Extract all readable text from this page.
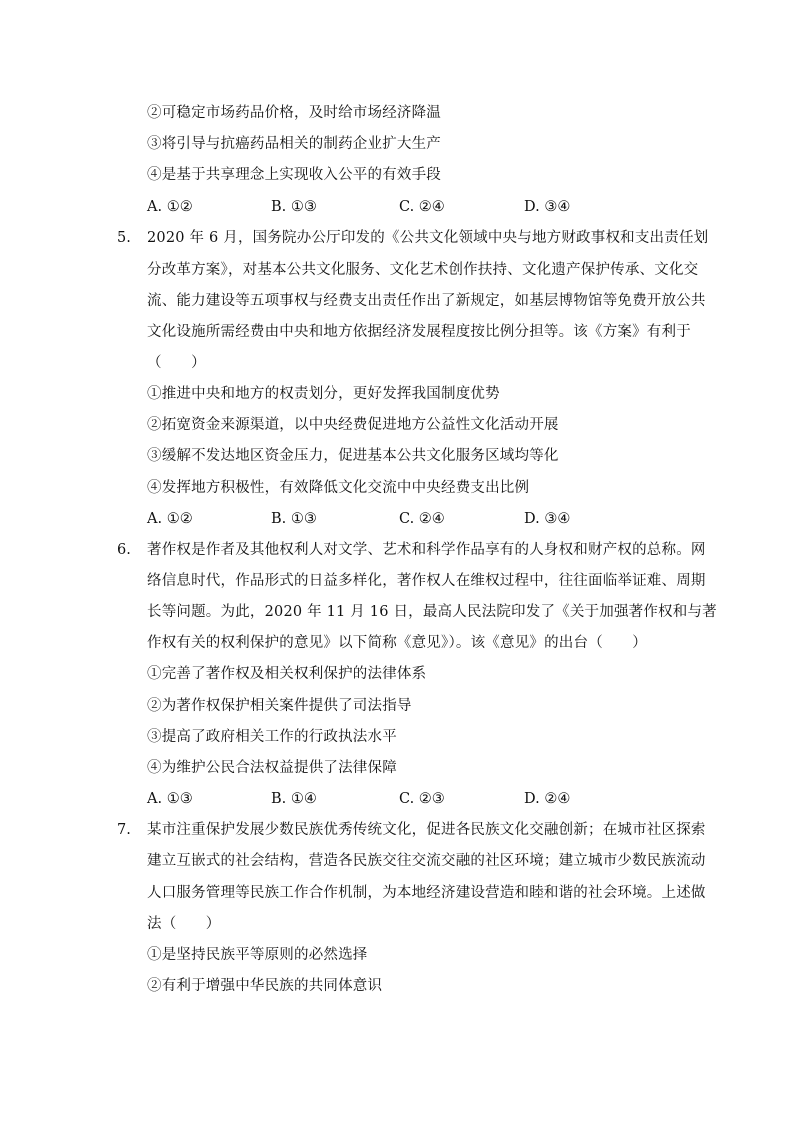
②可稳定市场药品价格，及时给市场经济降温
③将引导与抗癌药品相关的制药企业扩大生产
④是基于共享理念上实现收入公平的有效手段
A. ①②	B. ①③	C. ②④	D. ③④
5. 2020 年 6 月，国务院办公厅印发的《公共文化领域中央与地方财政事权和支出责任划
分改革方案》，对基本公共文化服务、文化艺术创作扶持、文化遗产保护传承、文化交
流、能力建设等五项事权与经费支出责任作出了新规定，如基层博物馆等免费开放公共
文化设施所需经费由中央和地方依据经济发展程度按比例分担等。该《方案》有利于
（　　）
①推进中央和地方的权责划分，更好发挥我国制度优势
②拓宽资金来源渠道，以中央经费促进地方公益性文化活动开展
③缓解不发达地区资金压力，促进基本公共文化服务区域均等化
④发挥地方积极性，有效降低文化交流中中央经费支出比例
A. ①②	B. ①③	C. ②④	D. ③④
6. 著作权是作者及其他权利人对文学、艺术和科学作品享有的人身权和财产权的总称。网
络信息时代，作品形式的日益多样化，著作权人在维权过程中，往往面临举证难、周期
长等问题。为此，2020 年 11 月 16 日，最高人民法院印发了《关于加强著作权和与著
作权有关的权利保护的意见》以下简称《意见》）。该《意见》的出台（　　）
①完善了著作权及相关权利保护的法律体系
②为著作权保护相关案件提供了司法指导
③提高了政府相关工作的行政执法水平
④为维护公民合法权益提供了法律保障
A. ①③	B. ①④	C. ②③	D. ②④
7. 某市注重保护发展少数民族优秀传统文化，促进各民族文化交融创新；在城市社区探索
建立互嵌式的社会结构，营造各民族交往交流交融的社区环境；建立城市少数民族流动
人口服务管理等民族工作合作机制，为本地经济建设营造和睦和谐的社会环境。上述做
法（　　）
①是坚持民族平等原则的必然选择
②有利于增强中华民族的共同体意识
